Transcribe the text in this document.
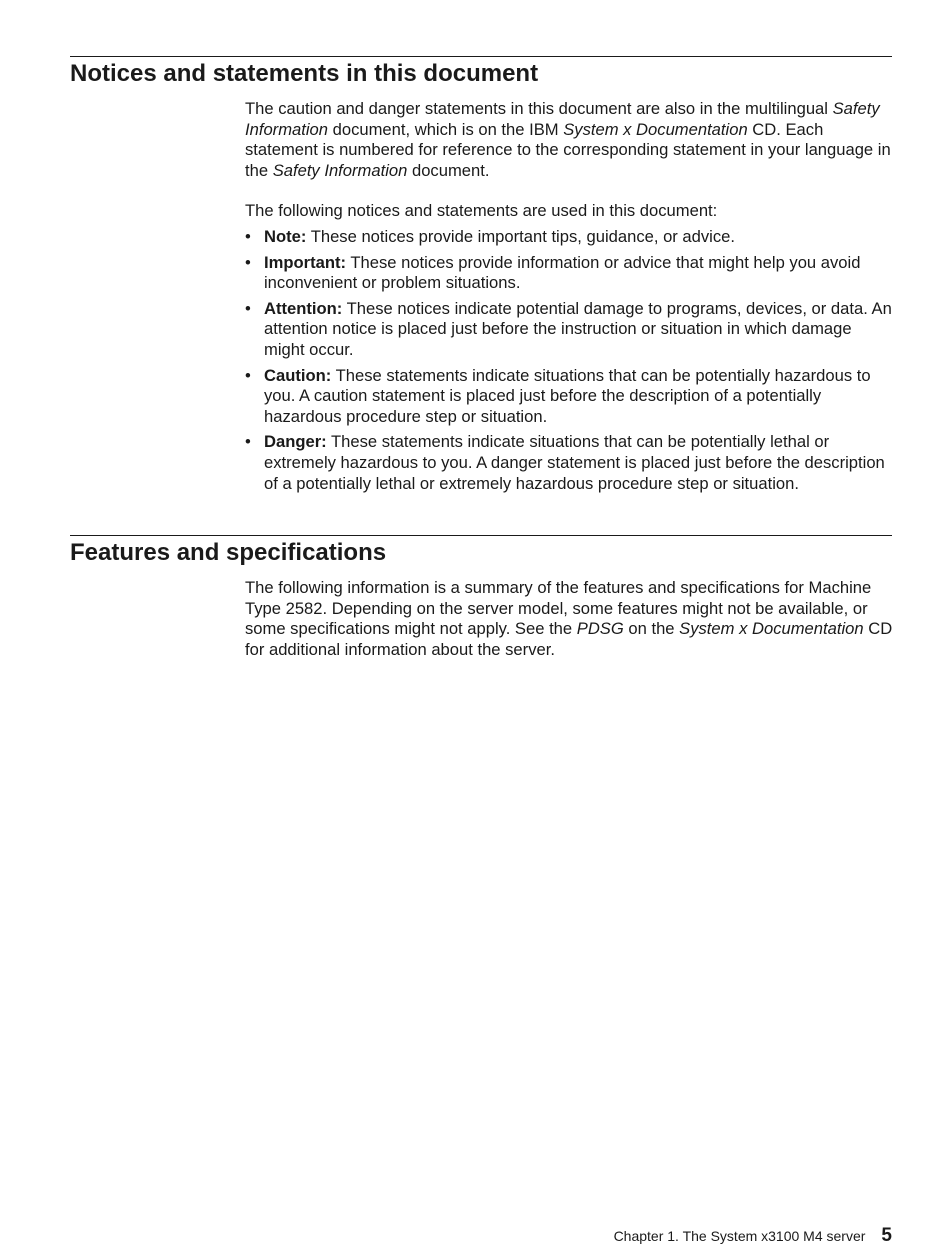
Notices and statements in this document

The caution and danger statements in this document are also in the multilingual Safety Information document, which is on the IBM System x Documentation CD. Each statement is numbered for reference to the corresponding statement in your language in the Safety Information document.

The following notices and statements are used in this document:

• Note: These notices provide important tips, guidance, or advice.
• Important: These notices provide information or advice that might help you avoid inconvenient or problem situations.
• Attention: These notices indicate potential damage to programs, devices, or data. An attention notice is placed just before the instruction or situation in which damage might occur.
• Caution: These statements indicate situations that can be potentially hazardous to you. A caution statement is placed just before the description of a potentially hazardous procedure step or situation.
• Danger: These statements indicate situations that can be potentially lethal or extremely hazardous to you. A danger statement is placed just before the description of a potentially lethal or extremely hazardous procedure step or situation.
Features and specifications

The following information is a summary of the features and specifications for Machine Type 2582. Depending on the server model, some features might not be available, or some specifications might not apply. See the PDSG on the System x Documentation CD for additional information about the server.

Chapter 1. The System x3100 M4 server 5
